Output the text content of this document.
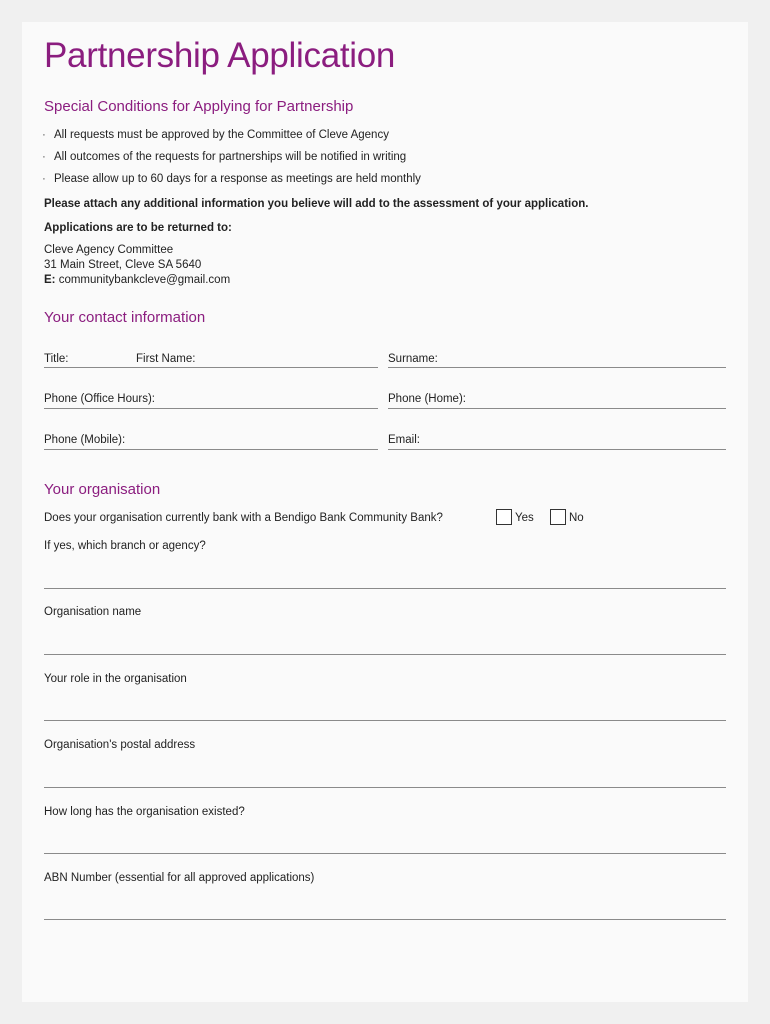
Partnership Application
Special Conditions for Applying for Partnership
· All requests must be approved by the Committee of Cleve Agency
· All outcomes of the requests for partnerships will be notified in writing
· Please allow up to 60 days for a response as meetings are held monthly
Please attach any additional information you believe will add to the assessment of your application.
Applications are to be returned to:
Cleve Agency Committee
31 Main Street, Cleve SA 5640
E: communitybankcleve@gmail.com
Your contact information
Title:	First Name:	Surname:
Phone (Office Hours):	Phone (Home):
Phone (Mobile):	Email:
Your organisation
Does your organisation currently bank with a Bendigo Bank Community Bank?	Yes	No
If yes, which branch or agency?
Organisation name
Your role in the organisation
Organisation's postal address
How long has the organisation existed?
ABN Number (essential for all approved applications)
